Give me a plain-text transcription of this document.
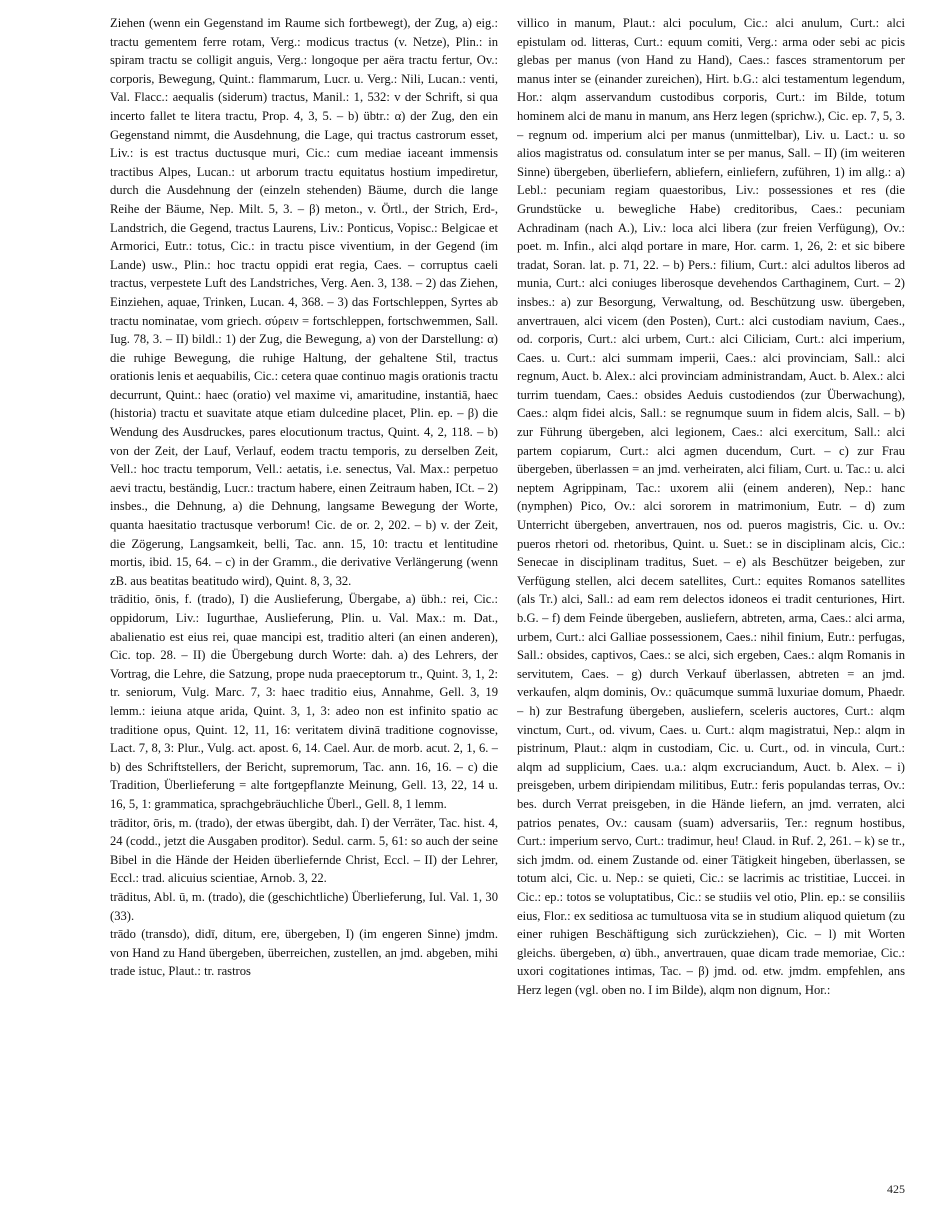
Ziehen (wenn ein Gegenstand im Raume sich fortbewegt), der Zug, a) eig.: tractu gementem ferre rotam, Verg.: modicus tractus (v. Netze), Plin.: in spiram tractu se colligit anguis, Verg.: longoque per aëra tractu fertur, Ov.: corporis, Bewegung, Quint.: flammarum, Lucr. u. Verg.: Nili, Lucan.: venti, Val. Flacc.: aequalis (siderum) tractus, Manil.: 1, 532: v der Schrift, si qua incerto fallet te litera tractu, Prop. 4, 3, 5. – b) übtr.: α) der Zug, den ein Gegenstand nimmt, die Ausdehnung, die Lage, qui tractus castrorum esset, Liv.: is est tractus ductusque muri, Cic.: cum mediae iaceant immensis tractibus Alpes, Lucan.: ut arborum tractu equitatus hostium impediretur, durch die Ausdehnung der (einzeln stehenden) Bäume, durch die lange Reihe der Bäume, Nep. Milt. 5, 3. – β) meton., v. Örtl., der Strich, Erd-, Landstrich, die Gegend, tractus Laurens, Liv.: Ponticus, Vopisc.: Belgicae et Armorici, Eutr.: totus, Cic.: in tractu pisce viventium, in der Gegend (im Lande) usw., Plin.: hoc tractu oppidi erat regia, Caes. – corruptus caeli tractus, verpestete Luft des Landstriches, Verg. Aen. 3, 138. – 2) das Ziehen, Einziehen, aquae, Trinken, Lucan. 4, 368. – 3) das Fortschleppen, Syrtes ab tractu nominatae, vom griech. σύρειν = fortschleppen, fortschwemmen, Sall. Iug. 78, 3. – II) bildl.: 1) der Zug, die Bewegung, a) von der Darstellung: α) die ruhige Bewegung, die ruhige Haltung, der gehaltene Stil, tractus orationis lenis et aequabilis, Cic.: cetera quae continuo magis orationis tractu decurrunt, Quint.: haec (oratio) vel maxime vi, amaritudine, instantiā, haec (historia) tractu et suavitate atque etiam dulcedine placet, Plin. ep. – β) die Wendung des Ausdruckes, pares elocutionum tractus, Quint. 4, 2, 118. – b) von der Zeit, der Lauf, Verlauf, eodem tractu temporis, zu derselben Zeit, Vell.: hoc tractu temporum, Vell.: aetatis, i.e. senectus, Val. Max.: perpetuo aevi tractu, beständig, Lucr.: tractum habere, einen Zeitraum haben, ICt. – 2) insbes., die Dehnung, a) die Dehnung, langsame Bewegung der Worte, quanta haesitatio tractusque verborum! Cic. de or. 2, 202. – b) v. der Zeit, die Zögerung, Langsamkeit, belli, Tac. ann. 15, 10: tractu et lentitudine mortis, ibid. 15, 64. – c) in der Gramm., die derivative Verlängerung (wenn zB. aus beatitas beatitudo wird), Quint. 8, 3, 32.

trāditio, ōnis, f. (trado), I) die Auslieferung, Übergabe, a) übh.: rei, Cic.: oppidorum, Liv.: Iugurthae, Auslieferung, Plin. u. Val. Max.: m. Dat., abalienatio est eius rei, quae mancipi est, traditio alteri (an einen anderen), Cic. top. 28. – II) die Übergebung durch Worte: dah. a) des Lehrers, der Vortrag, die Lehre, die Satzung, prope nuda praeceptorum tr., Quint. 3, 1, 2: tr. seniorum, Vulg. Marc. 7, 3: haec traditio eius, Annahme, Gell. 3, 19 lemm.: ieiuna atque arida, Quint. 3, 1, 3: adeo non est infinito spatio ac traditione opus, Quint. 12, 11, 16: veritatem divinā traditione cognovisse, Lact. 7, 8, 3: Plur., Vulg. act. apost. 6, 14. Cael. Aur. de morb. acut. 2, 1, 6. – b) des Schriftstellers, der Bericht, supremorum, Tac. ann. 16, 16. – c) die Tradition, Überlieferung = alte fortgepflanzte Meinung, Gell. 13, 22, 14 u. 16, 5, 1: grammatica, sprachgebräuchliche Überl., Gell. 8, 1 lemm.

trāditor, ōris, m. (trado), der etwas übergibt, dah. I) der Verräter, Tac. hist. 4, 24 (codd., jetzt die Ausgaben proditor). Sedul. carm. 5, 61: so auch der seine Bibel in die Hände der Heiden überliefernde Christ, Eccl. – II) der Lehrer, Eccl.: trad. alicuius scientiae, Arnob. 3, 22.

trāditus, Abl. ū, m. (trado), die (geschichtliche) Überlieferung, Iul. Val. 1, 30 (33).

trādo (transdo), didī, ditum, ere, übergeben, I) (im engeren Sinne) jmdm. von Hand zu Hand übergeben, überreichen, zustellen, an jmd. abgeben, mihi trade istuc, Plaut.: tr. rastros

villico in manum, Plaut.: alci poculum, Cic.: alci anulum, Curt.: alci epistulam od. litteras, Curt.: equum comiti, Verg.: arma oder sebi ac picis glebas per manus (von Hand zu Hand), Caes.: fasces stramentorum per manus inter se (einander zureichen), Hirt. b.G.: alci testamentum legendum, Hor.: alqm asservandum custodibus corporis, Curt.: im Bilde, totum hominem alci de manu in manum, ans Herz legen (sprichw.), Cic. ep. 7, 5, 3. – regnum od. imperium alci per manus (unmittelbar), Liv. u. Lact.: u. so alios magistratus od. consulatum inter se per manus, Sall. – II) (im weiteren Sinne) übergeben, überliefern, abliefern, einliefern, zuführen, 1) im allg.: a) Lebl.: pecuniam regiam quaestoribus, Liv.: possessiones et res (die Grundstücke u. bewegliche Habe) creditoribus, Caes.: pecuniam Achradinam (nach A.), Liv.: loca alci libera (zur freien Verfügung), Ov.: poet. m. Infin., alci alqd portare in mare, Hor. carm. 1, 26, 2: et sic bibere tradat, Soran. lat. p. 71, 22. – b) Pers.: filium, Curt.: alci adultos liberos ad munia, Curt.: alci coniuges liberosque devehendos Carthaginem, Curt. – 2) insbes.: a) zur Besorgung, Verwaltung, od. Beschützung usw. übergeben, anvertrauen, alci vicem (den Posten), Curt.: alci custodiam navium, Caes., od. corporis, Curt.: alci urbem, Curt.: alci Ciliciam, Curt.: alci imperium, Caes. u. Curt.: alci summam imperii, Caes.: alci provinciam, Sall.: alci regnum, Auct. b. Alex.: alci provinciam administrandam, Auct. b. Alex.: alci turrim tuendam, Caes.: obsides Aeduis custodiendos (zur Überwachung), Caes.: alqm fidei alcis, Sall.: se regnumque suum in fidem alcis, Sall. – b) zur Führung übergeben, alci legionem, Caes.: alci exercitum, Sall.: alci partem copiarum, Curt.: alci agmen ducendum, Curt. – c) zur Frau übergeben, überlassen = an jmd. verheiraten, alci filiam, Curt. u. Tac.: u. alci neptem Agrippinam, Tac.: uxorem alii (einem anderen), Nep.: hanc (nymphen) Pico, Ov.: alci sororem in matrimonium, Eutr. – d) zum Unterricht übergeben, anvertrauen, nos od. pueros magistris, Cic. u. Ov.: pueros rhetori od. rhetoribus, Quint. u. Suet.: se in disciplinam alcis, Cic.: Senecae in disciplinam traditus, Suet. – e) als Beschützer beigeben, zur Verfügung stellen, alci decem satellites, Curt.: equites Romanos satellites (als Tr.) alci, Sall.: ad eam rem delectos idoneos ei tradit centuriones, Hirt. b.G. – f) dem Feinde übergeben, ausliefern, abtreten, arma, Caes.: alci arma, urbem, Curt.: alci Galliae possessionem, Caes.: nihil finium, Eutr.: perfugas, Sall.: obsides, captivos, Caes.: se alci, sich ergeben, Caes.: alqm Romanis in servitutem, Caes. – g) durch Verkauf überlassen, abtreten = an jmd. verkaufen, alqm dominis, Ov.: quācumque summā luxuriae domum, Phaedr. – h) zur Bestrafung übergeben, ausliefern, sceleris auctores, Curt.: alqm vinctum, Curt., od. vivum, Caes. u. Curt.: alqm magistratui, Nep.: alqm in pistrinum, Plaut.: alqm in custodiam, Cic. u. Curt., od. in vincula, Curt.: alqm ad supplicium, Caes. u.a.: alqm excruciandum, Auct. b. Alex. – i) preisgeben, urbem diripiendam militibus, Eutr.: feris populandas terras, Ov.: bes. durch Verrat preisgeben, in die Hände liefern, an jmd. verraten, alci patrios penates, Ov.: causam (suam) adversariis, Ter.: regnum hostibus, Curt.: imperium servo, Curt.: tradimur, heu! Claud. in Ruf. 2, 261. – k) se tr., sich jmdm. od. einem Zustande od. einer Tätigkeit hingeben, überlassen, se totum alci, Cic. u. Nep.: se quieti, Cic.: se lacrimis ac tristitiae, Luccei. in Cic.: ep.: totos se voluptatibus, Cic.: se studiis vel otio, Plin. ep.: se consiliis eius, Flor.: ex seditiosa ac tumultuosa vita se in studium aliquod quietum (zu einer ruhigen Beschäftigung sich zurückziehen), Cic. – l) mit Worten gleichs. übergeben, α) übh., anvertrauen, quae dicam trade memoriae, Cic.: uxori cogitationes intimas, Tac. – β) jmd. od. etw. jmdm. empfehlen, ans Herz legen (vgl. oben no. I im Bilde), alqm non dignum, Hor.:

425
